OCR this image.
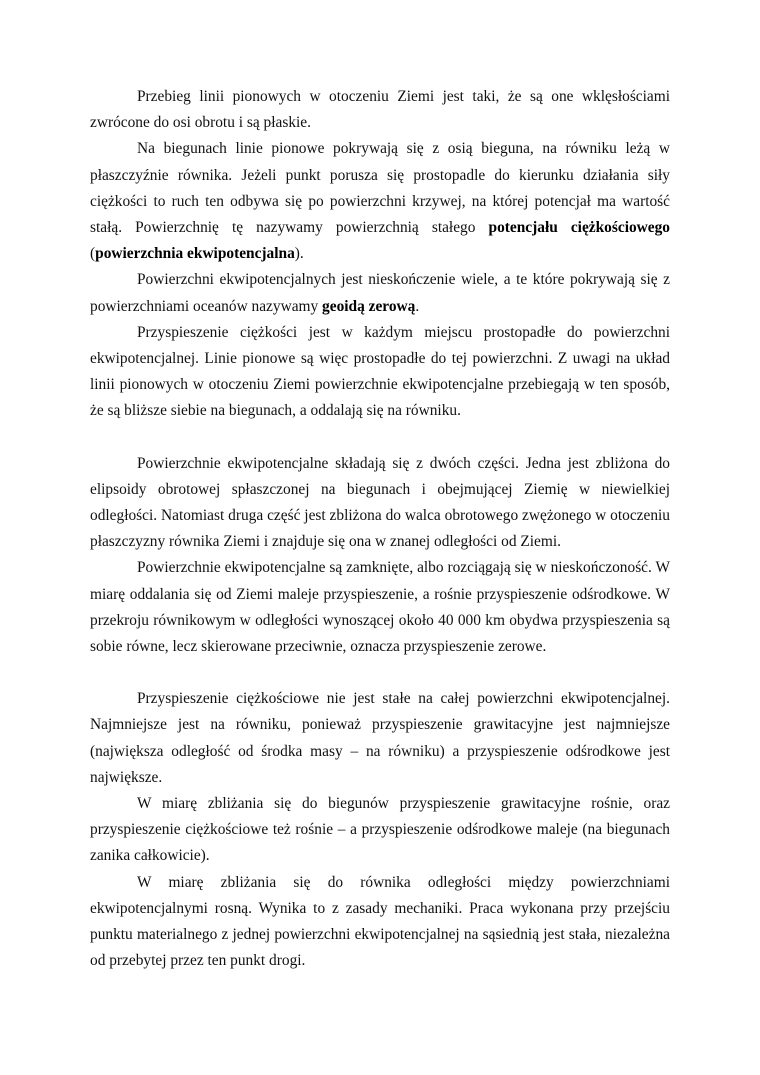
Przebieg linii pionowych w otoczeniu Ziemi jest taki, że są one wklęsłościami zwrócone do osi obrotu i są płaskie.

Na biegunach linie pionowe pokrywają się z osią bieguna, na równiku leżą w płaszczyźnie równika. Jeżeli punkt porusza się prostopadle do kierunku działania siły ciężkości to ruch ten odbywa się po powierzchni krzywej, na której potencjał ma wartość stałą. Powierzchnię tę nazywamy powierzchnią stałego potencjału ciężkościowego (powierzchnia ekwipotencjalna).

Powierzchni ekwipotencjalnych jest nieskończenie wiele, a te które pokrywają się z powierzchniami oceanów nazywamy geoidą zerową.

Przyspieszenie ciężkości jest w każdym miejscu prostopadłe do powierzchni ekwipotencjalnej. Linie pionowe są więc prostopadłe do tej powierzchni. Z uwagi na układ linii pionowych w otoczeniu Ziemi powierzchnie ekwipotencjalne przebiegają w ten sposób, że są bliższe siebie na biegunach, a oddalają się na równiku.

Powierzchnie ekwipotencjalne składają się z dwóch części. Jedna jest zbliżona do elipsoidy obrotowej spłaszczonej na biegunach i obejmującej Ziemię w niewielkiej odległości. Natomiast druga część jest zbliżona do walca obrotowego zwężonego w otoczeniu płaszczyzny równika Ziemi i znajduje się ona w znanej odległości od Ziemi.

Powierzchnie ekwipotencjalne są zamknięte, albo rozciągają się w nieskończoność. W miarę oddalania się od Ziemi maleje przyspieszenie, a rośnie przyspieszenie odśrodkowe. W przekroju równikowym w odległości wynoszącej około 40 000 km obydwa przyspieszenia są sobie równe, lecz skierowane przeciwnie, oznacza przyspieszenie zerowe.

Przyspieszenie ciężkościowe nie jest stałe na całej powierzchni ekwipotencjalnej. Najmniejsze jest na równiku, ponieważ przyspieszenie grawitacyjne jest najmniejsze (największa odległość od środka masy – na równiku) a przyspieszenie odśrodkowe jest największe.

W miarę zbliżania się do biegunów przyspieszenie grawitacyjne rośnie, oraz przyspieszenie ciężkościowe też rośnie – a przyspieszenie odśrodkowe maleje (na biegunach zanika całkowicie).

W miarę zbliżania się do równika odległości między powierzchniami ekwipotencjalnymi rosną. Wynika to z zasady mechaniki. Praca wykonana przy przejściu punktu materialnego z jednej powierzchni ekwipotencjalnej na sąsiednią jest stała, niezależna od przebytej przez ten punkt drogi.
